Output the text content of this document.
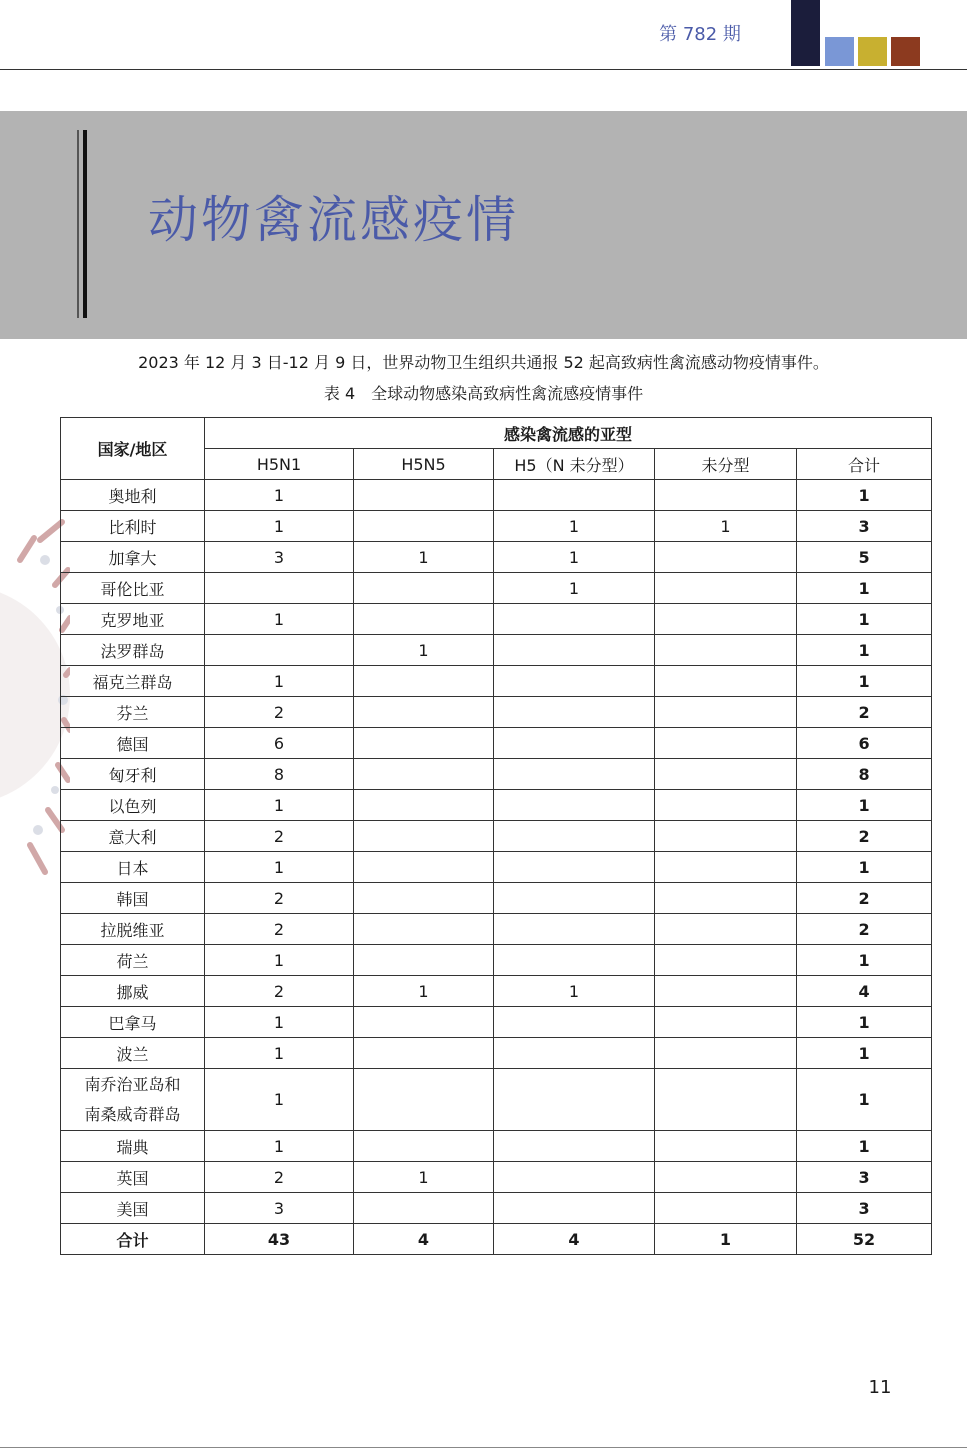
第 782 期
动物禽流感疫情
2023 年 12 月 3 日-12 月 9 日，世界动物卫生组织共通报 52 起高致病性禽流感动物疫情事件。
表 4　全球动物感染高致病性禽流感疫情事件
国家/地区	感染禽流感的亚型				
	H5N1	H5N5	H5（N 未分型）	未分型	合计
奥地利	1				1
比利时	1		1	1	3
加拿大	3	1	1		5
哥伦比亚			1		1
克罗地亚	1				1
法罗群岛		1			1
福克兰群岛	1				1
芬兰	2				2
德国	6				6
匈牙利	8				8
以色列	1				1
意大利	2				2
日本	1				1
韩国	2				2
拉脱维亚	2				2
荷兰	1				1
挪威	2	1	1		4
巴拿马	1				1
波兰	1				1
南乔治亚岛和
南桑威奇群岛	1				1
瑞典	1				1
英国	2	1			3
美国	3				3
合计	43	4	4	1	52
11
